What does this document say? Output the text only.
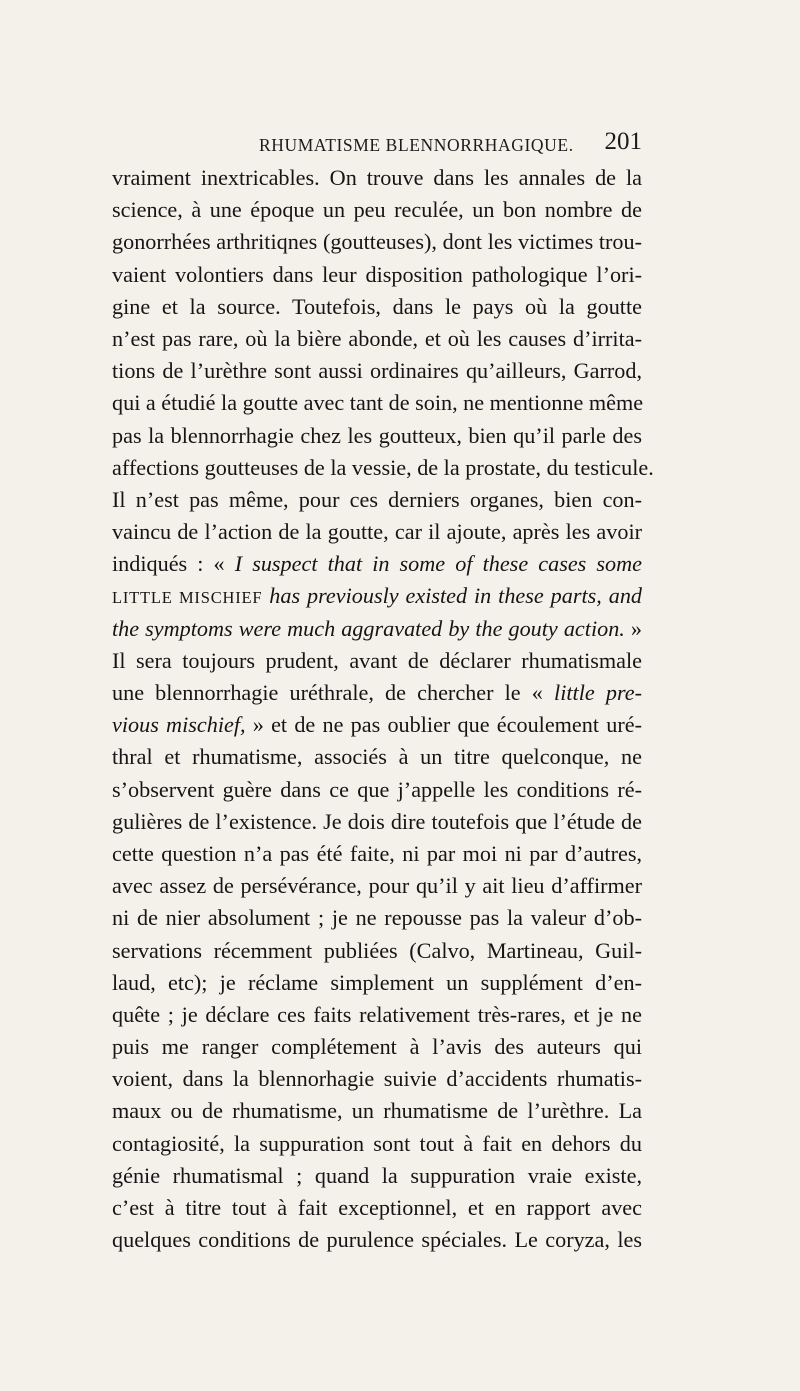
RHUMATISME BLENNORRHAGIQUE. 201
vraiment inextricables. On trouve dans les annales de la
science, à une époque un peu reculée, un bon nombre de
gonorrhées arthritiqnes (goutteuses), dont les victimes trou-
vaient volontiers dans leur disposition pathologique l’ori-
gine et la source. Toutefois, dans le pays où la goutte
n’est pas rare, où la bière abonde, et où les causes d’irrita-
tions de l’urèthre sont aussi ordinaires qu’ailleurs, Garrod,
qui a étudié la goutte avec tant de soin, ne mentionne même
pas la blennorrhagie chez les goutteux, bien qu’il parle des
affections goutteuses de la vessie, de la prostate, du testicule.
Il n’est pas même, pour ces derniers organes, bien con-
vaincu de l’action de la goutte, car il ajoute, après les avoir
indiqués : « I suspect that in some of these cases some
LITTLE MISCHIEF has previously existed in these parts, and
the symptoms were much aggravated by the gouty action. »
Il sera toujours prudent, avant de déclarer rhumatismale
une blennorrhagie uréthrale, de chercher le « little pre-
vious mischief, » et de ne pas oublier que écoulement uré-
thral et rhumatisme, associés à un titre quelconque, ne
s’observent guère dans ce que j’appelle les conditions ré-
gulières de l’existence. Je dois dire toutefois que l’étude de
cette question n’a pas été faite, ni par moi ni par d’autres,
avec assez de persévérance, pour qu’il y ait lieu d’affirmer
ni de nier absolument ; je ne repousse pas la valeur d’ob-
servations récemment publiées (Calvo, Martineau, Guil-
laud, etc); je réclame simplement un supplément d’en-
quête ; je déclare ces faits relativement très-rares, et je ne
puis me ranger complétement à l’avis des auteurs qui
voient, dans la blennorhagie suivie d’accidents rhumatis-
maux ou de rhumatisme, un rhumatisme de l’urèthre. La
contagiosité, la suppuration sont tout à fait en dehors du
génie rhumatismal ; quand la suppuration vraie existe,
c’est à titre tout à fait exceptionnel, et en rapport avec
quelques conditions de purulence spéciales. Le coryza, les
